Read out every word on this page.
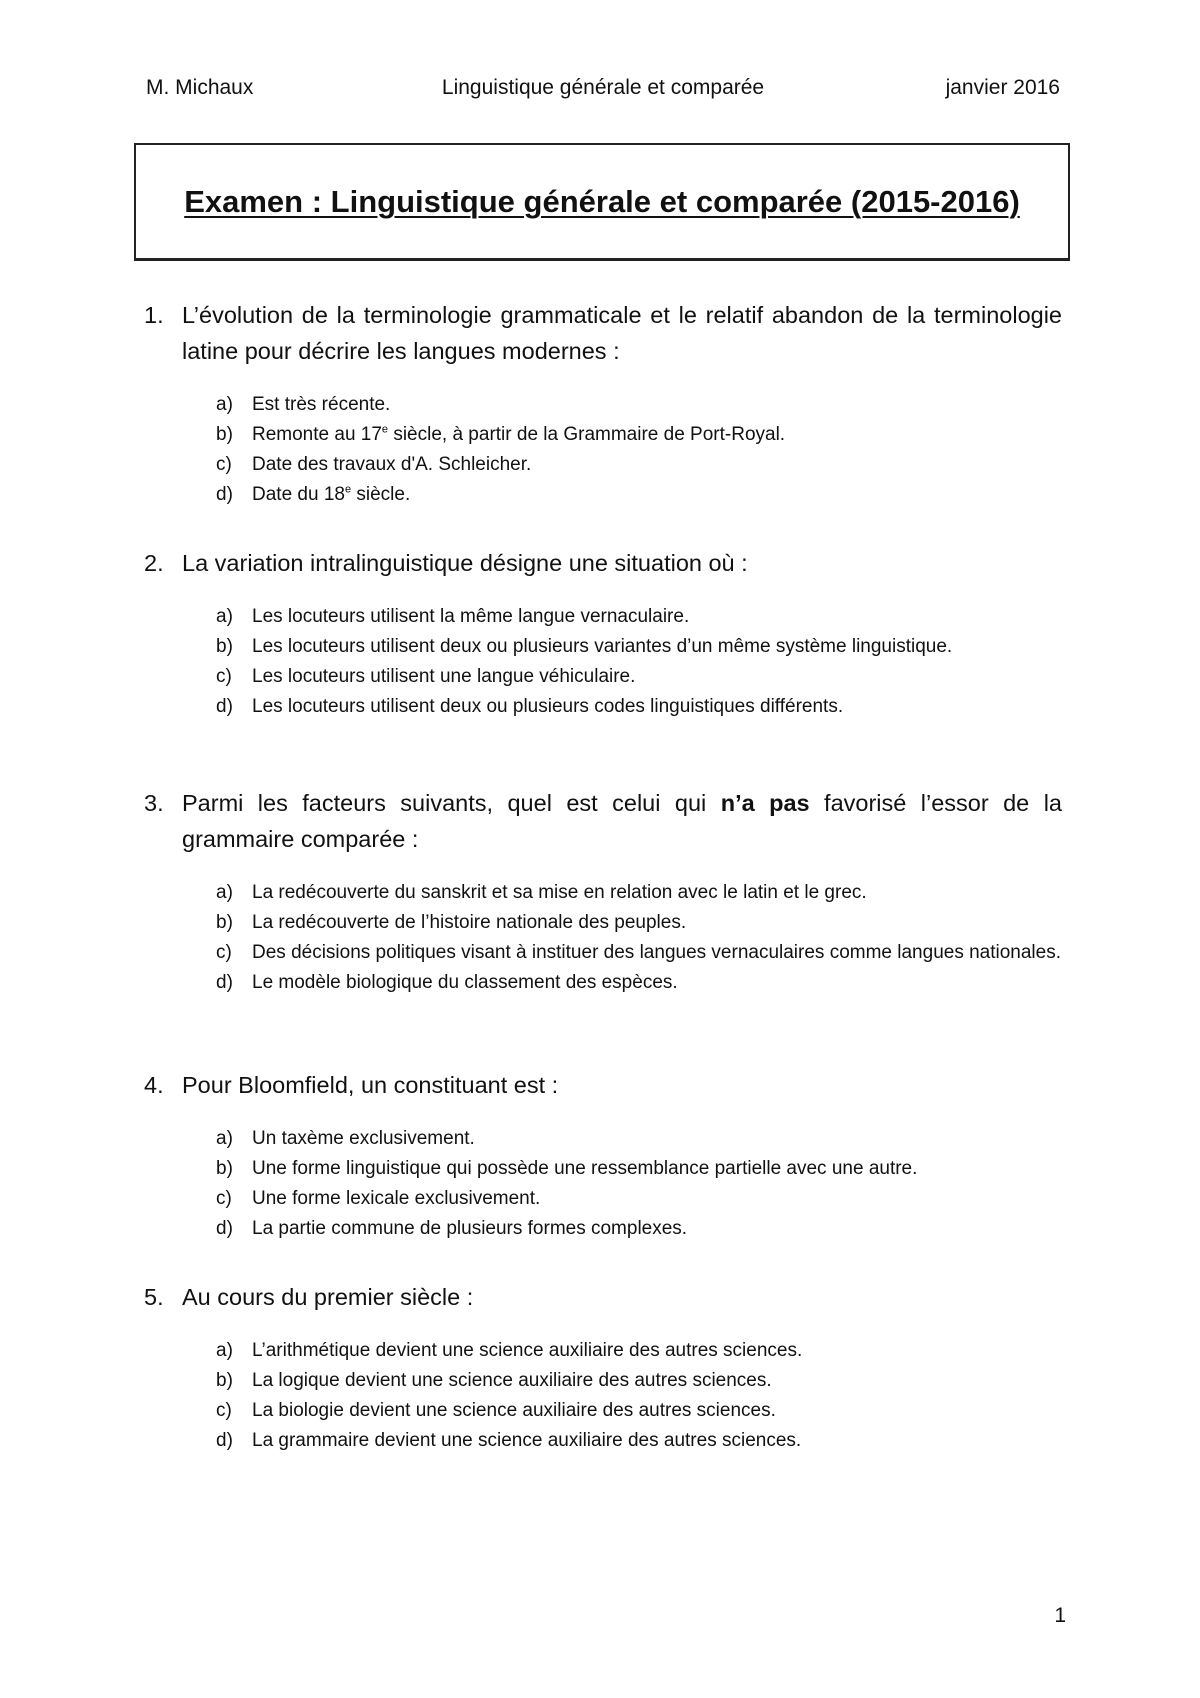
M. Michaux	Linguistique générale et comparée	janvier 2016
Examen : Linguistique générale et comparée (2015-2016)
1. L’évolution de la terminologie grammaticale et le relatif abandon de la terminologie latine pour décrire les langues modernes :
a) Est très récente.
b) Remonte au 17e siècle, à partir de la Grammaire de Port-Royal.
c) Date des travaux d'A. Schleicher.
d) Date du 18e siècle.
2. La variation intralinguistique désigne une situation où :
a) Les locuteurs utilisent la même langue vernaculaire.
b) Les locuteurs utilisent deux ou plusieurs variantes d’un même système linguistique.
c) Les locuteurs utilisent une langue véhiculaire.
d) Les locuteurs utilisent deux ou plusieurs codes linguistiques différents.
3. Parmi les facteurs suivants, quel est celui qui n’a pas favorisé l’essor de la grammaire comparée :
a) La redécouverte du sanskrit et sa mise en relation avec le latin et le grec.
b) La redécouverte de l’histoire nationale des peuples.
c) Des décisions politiques visant à instituer des langues vernaculaires comme langues nationales.
d) Le modèle biologique du classement des espèces.
4. Pour Bloomfield, un constituant est :
a) Un taxème exclusivement.
b) Une forme linguistique qui possède une ressemblance partielle avec une autre.
c) Une forme lexicale exclusivement.
d) La partie commune de plusieurs formes complexes.
5. Au cours du premier siècle :
a) L’arithmétique devient une science auxiliaire des autres sciences.
b) La logique devient une science auxiliaire des autres sciences.
c) La biologie devient une science auxiliaire des autres sciences.
d) La grammaire devient une science auxiliaire des autres sciences.
1
